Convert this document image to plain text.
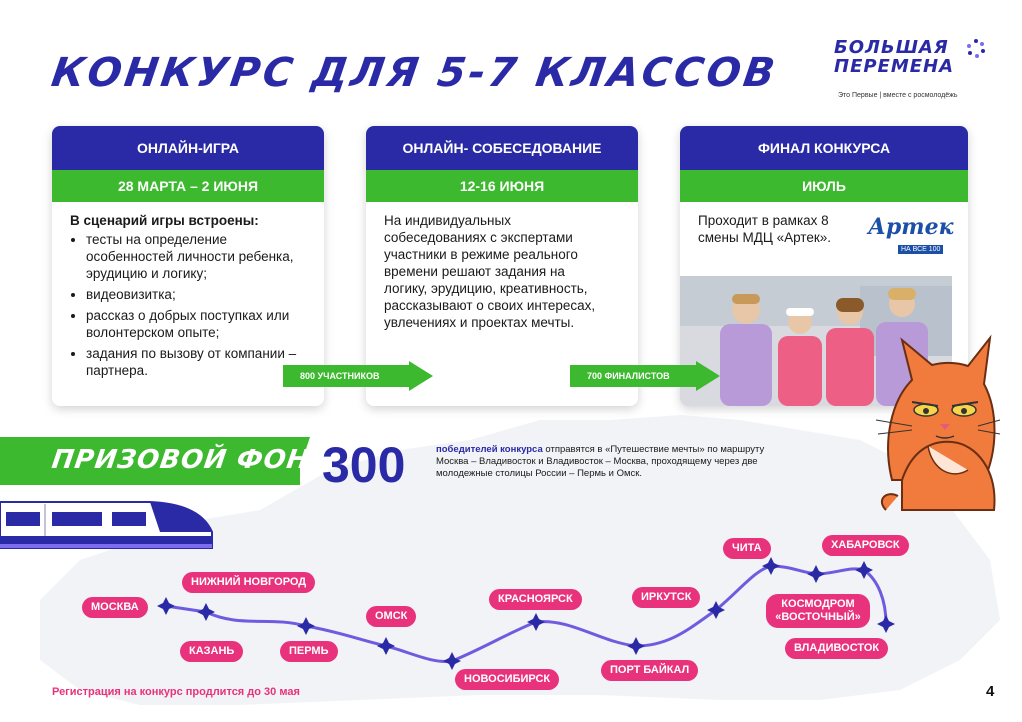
КОНКУРС ДЛЯ 5-7 КЛАССОВ
БОЛЬШАЯ
ПЕРЕМЕНА
Это Первые | вместе с росмолодёжь
ОНЛАЙН-ИГРА
28 МАРТА – 2 ИЮНЯ
В сценарий игры встроены:
• тесты на определение особенностей личности ребенка, эрудицию и логику;
• видеовизитка;
• рассказ о добрых поступках или волонтерском опыте;
• задания по вызову от компании – партнера.
ОНЛАЙН- СОБЕСЕДОВАНИЕ
12-16 ИЮНЯ
На индивидуальных собеседованиях с экспертами участники в режиме реального времени решают задания на логику, эрудицию, креативность, рассказывают о своих интересах, увлечениях и проектах мечты.
ФИНАЛ КОНКУРСА
ИЮЛЬ
Проходит в рамках 8 смены МДЦ «Артек».	Артек
НА ВСЕ 100
800 УЧАСТНИКОВ	700 ФИНАЛИСТОВ
ПРИЗОВОЙ ФОНД
300	победителей конкурса отправятся в «Путешествие мечты» по маршруту Москва – Владивосток и Владивосток – Москва, проходящему через две молодежные столицы России – Пермь и Омск.
МОСКВА
НИЖНИЙ НОВГОРОД
КАЗАНЬ	ПЕРМЬ
ОМСК
НОВОСИБИРСК
КРАСНОЯРСК
ПОРТ БАЙКАЛ
ИРКУТСК
ЧИТА	ХАБАРОВСК
КОСМОДРОМ «ВОСТОЧНЫЙ»
ВЛАДИВОСТОК
Регистрация на конкурс продлится до 30 мая	4
